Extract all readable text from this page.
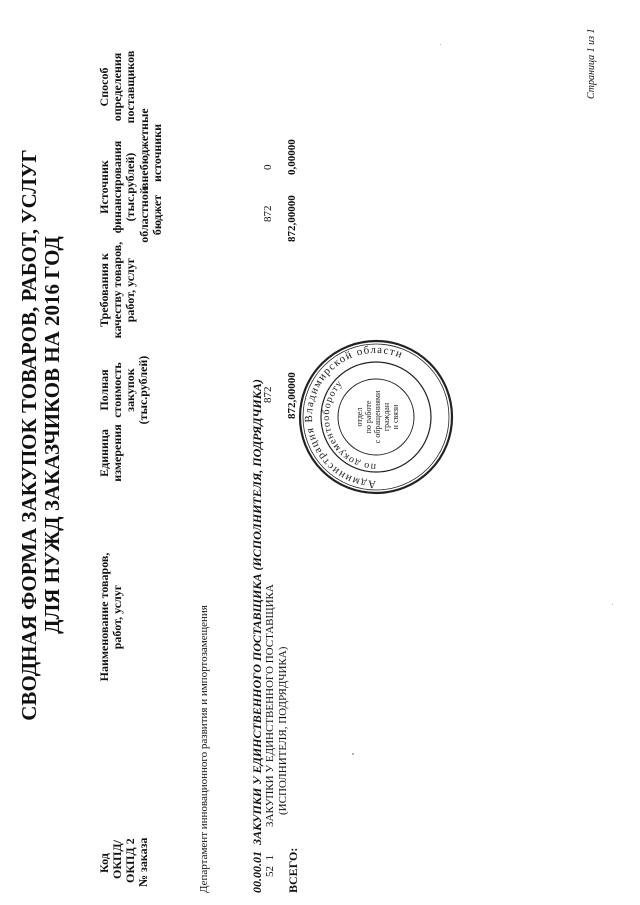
СВОДНАЯ ФОРМА ЗАКУПОК ТОВАРОВ, РАБОТ, УСЛУГ ДЛЯ НУЖД ЗАКАЗЧИКОВ НА 2016 ГОД
Код ОКПД/ ОКПД 2 № заказа
Наименование товаров, работ, услуг
Единица измерения
Полная стоимость закупок (тыс.рублей)
Требования к качеству товаров, работ, услуг
Источник финансирования (тыс.рублей) областной бюджет
внебюджетные источники
Способ определения поставщиков
Департамент инновационного развития и импортозамещения	00.00.01  ЗАКУПКИ У ЕДИНСТВЕННОГО ПОСТАВЩИКА (ИСПОЛНИТЕЛЯ, ПОДРЯДЧИКА)
872
52  1
ЗАКУПКИ У ЕДИНСТВЕННОГО ПОСТАВЩИКА (ИСПОЛНИТЕЛЯ, ПОДРЯДЧИКА)
872
0
ВСЕГО:
872,00000
872,00000
0,00000
Страница 1 из 1
Администрация Владимирской области
по документообороту
отдел по работе с обращениями граждан и связи
